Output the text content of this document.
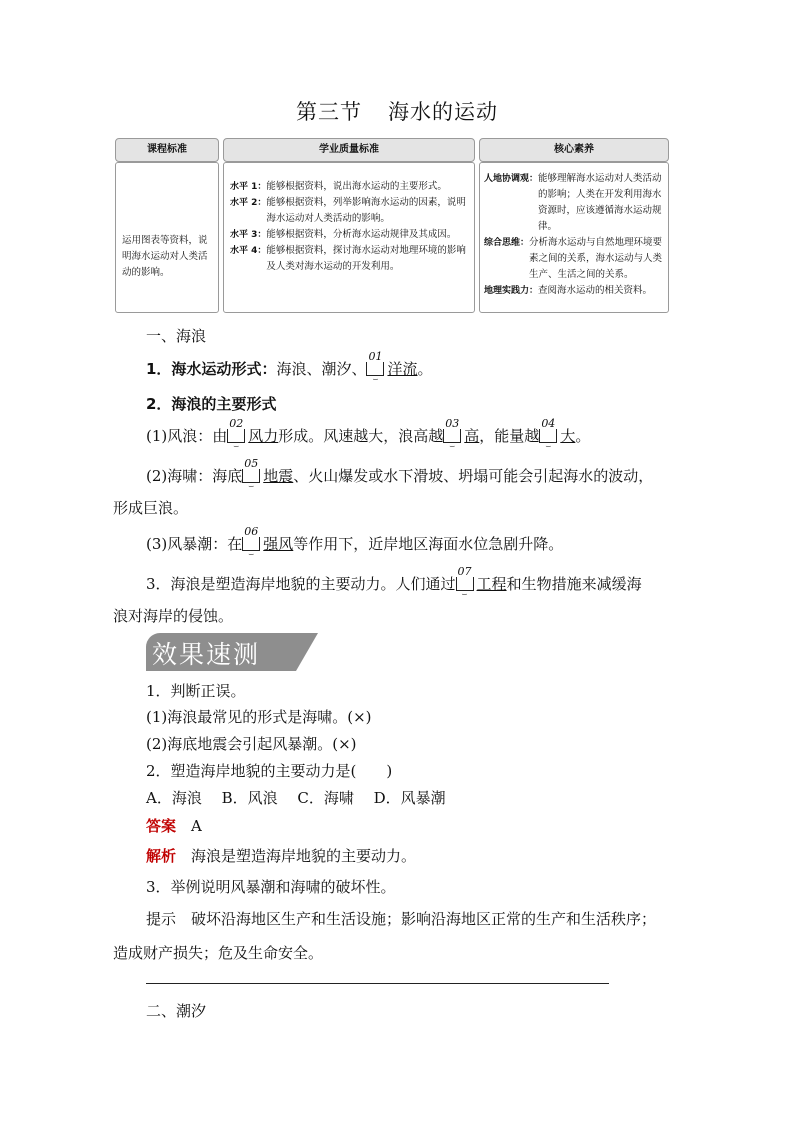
第三节 海水的运动
课程标准	学业质量标准	核心素养
运用图表等资料，说明海水运动对人类活动的影响。
水平 1： 能够根据资料，说出海水运动的主要形式。
水平 2： 能够根据资料，列举影响海水运动的因素，说明海水运动对人类活动的影响。
水平 3： 能够根据资料，分析海水运动规律及其成因。
水平 4： 能够根据资料，探讨海水运动对地理环境的影响及人类对海水运动的开发利用。
人地协调观： 能够理解海水运动对人类活动的影响；人类在开发利用海水资源时，应该遵循海水运动规律。
综合思维： 分析海水运动与自然地理环境要素之间的关系，海水运动与人类生产、生活之间的关系。
地理实践力： 查阅海水运动的相关资料。
一、海浪
1．海水运动形式：海浪、潮汐、
01
⌣
洋流。
2．海浪的主要形式
(1)风浪：由
02
⌣
风力形成。风速越大，浪高越
03
⌣
高，能量越
04
⌣
大。
(2)海啸：海底
05
⌣
地震、火山爆发或水下滑坡、坍塌可能会引起海水的波动，
形成巨浪。
(3)风暴潮：在
06
⌣
强风等作用下，近岸地区海面水位急剧升降。
3．海浪是塑造海岸地貌的主要动力。人们通过
07
⌣
工程和生物措施来减缓海
浪对海岸的侵蚀。
效果速测
1．判断正误。
(1)海浪最常见的形式是海啸。(×)
(2)海底地震会引起风暴潮。(×)
2．塑造海岸地貌的主要动力是(　　)
A．海浪　 B．风浪　 C．海啸　 D．风暴潮
答案　 A
解析　 海浪是塑造海岸地貌的主要动力。
3．举例说明风暴潮和海啸的破坏性。
提示　 破坏沿海地区生产和生活设施；影响沿海地区正常的生产和生活秩序；
造成财产损失；危及生命安全。
二、潮汐
